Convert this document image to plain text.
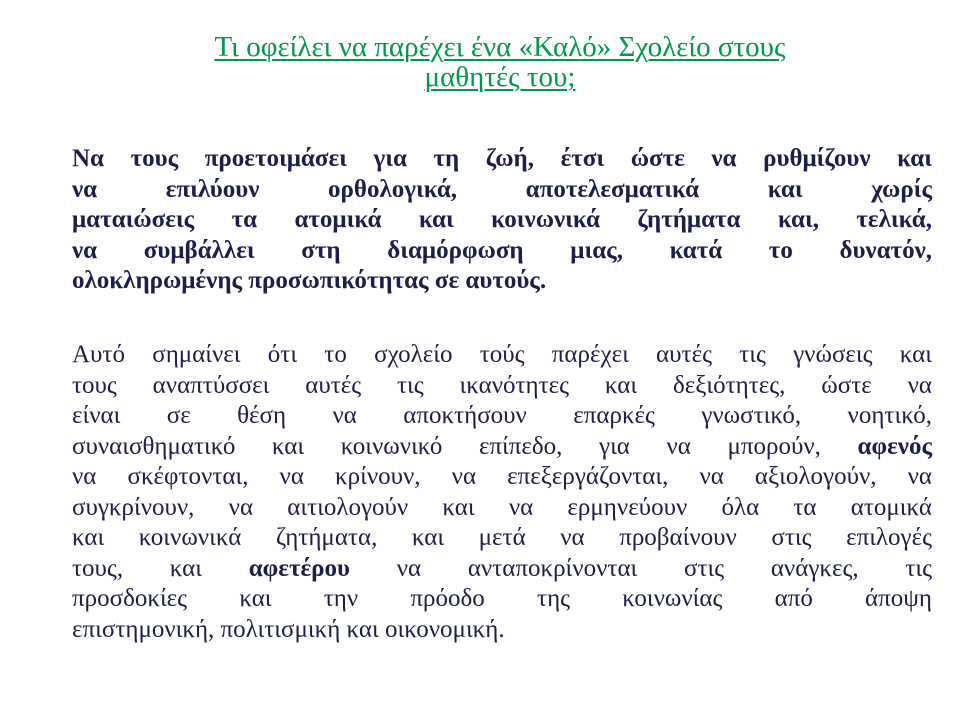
Τι οφείλει να παρέχει ένα «Καλό» Σχολείο στους
μαθητές του;
Να τους προετοιμάσει για τη ζωή, έτσι ώστε να ρυθμίζουν και
να επιλύουν ορθολογικά, αποτελεσματικά και χωρίς
ματαιώσεις τα ατομικά και κοινωνικά ζητήματα και, τελικά,
να συμβάλλει στη διαμόρφωση μιας, κατά το δυνατόν,
ολοκληρωμένης προσωπικότητας σε αυτούς.
Αυτό σημαίνει ότι το σχολείο τούς παρέχει αυτές τις γνώσεις και
τους αναπτύσσει αυτές τις ικανότητες και δεξιότητες, ώστε να
είναι σε θέση να αποκτήσουν επαρκές γνωστικό, νοητικό,
συναισθηματικό και κοινωνικό επίπεδο, για να μπορούν, αφενός
να σκέφτονται, να κρίνουν, να επεξεργάζονται, να αξιολογούν, να
συγκρίνουν, να αιτιολογούν και να ερμηνεύουν όλα τα ατομικά
και κοινωνικά ζητήματα, και μετά να προβαίνουν στις επιλογές
τους, και αφετέρου να ανταποκρίνονται στις ανάγκες, τις
προσδοκίες και την πρόοδο της κοινωνίας από άποψη
επιστημονική, πολιτισμική και οικονομική.
